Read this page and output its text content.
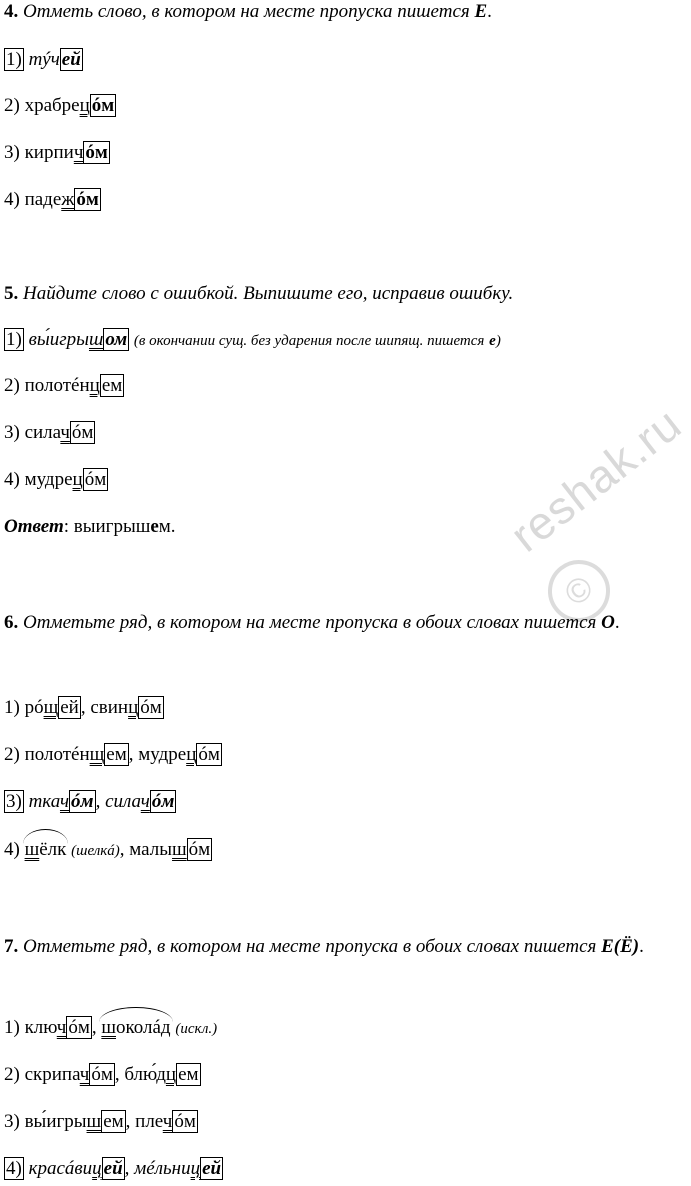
4. Отметь слово, в котором на месте пропуска пишется Е.
1) тýч ей
2) храбрец óм
3) кирпич óм
4) падеж óм
5. Найдите слово с ошибкой. Выпишите его, исправив ошибку.
1) вы́игрыш ом (в окончании сущ. без ударения после шипящ. пишется е)
2) полотéнц ем
3) силач óм
4) мудрец óм
Ответ: выигрышем.	reshak.ru
©
6. Отметьте ряд, в котором на месте пропуска в обоих словах пишется О.
1) рóщ ей , свинц óм
2) полотéнщ ем , мудрец óм
3) ткач óм , силач óм
4) шёлк (шелкá), малыш óм
7. Отметьте ряд, в котором на месте пропуска в обоих словах пишется Е(Ё).
1) ключ óм , шоколáд (искл.)
2) скрипач óм , блю́дц ем
3) вы́игрыш ем , плеч óм
4) красáвиц ей , мéльниц ей
